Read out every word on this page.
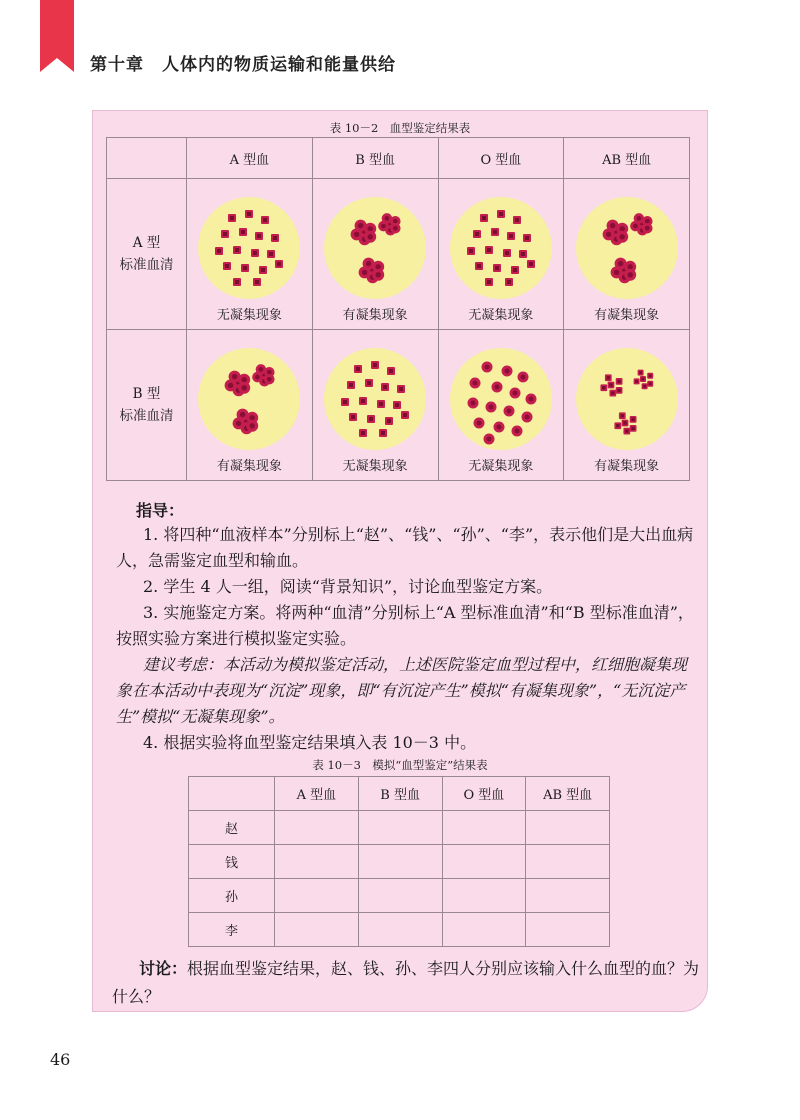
第十章　人体内的物质运输和能量供给
表 10－2　血型鉴定结果表
	A 型血	B 型血	O 型血	AB 型血
A 型
标准血清	无凝集现象	有凝集现象	无凝集现象	有凝集现象

B 型
标准血清	有凝集现象	无凝集现象	无凝集现象	有凝集现象
指导：

1. 将四种“血液样本”分别标上“赵”、“钱”、“孙”、“李”，表示他们是大出血病人，急需鉴定血型和输血。

2. 学生 4 人一组，阅读“背景知识”，讨论血型鉴定方案。

3. 实施鉴定方案。将两种“血清”分别标上“A 型标准血清”和“B 型标准血清”，按照实验方案进行模拟鉴定实验。

建议考虑：本活动为模拟鉴定活动，上述医院鉴定血型过程中，红细胞凝集现象在本活动中表现为“沉淀”现象，即“有沉淀产生”模拟“有凝集现象”，“无沉淀产生”模拟“无凝集现象”。

4. 根据实验将血型鉴定结果填入表 10－3 中。

表 10－3　模拟“血型鉴定”结果表
	A 型血	B 型血	O 型血	AB 型血
赵				
钱				
孙				
李				
讨论：根据血型鉴定结果，赵、钱、孙、李四人分别应该输入什么血型的血？为什么？
46
